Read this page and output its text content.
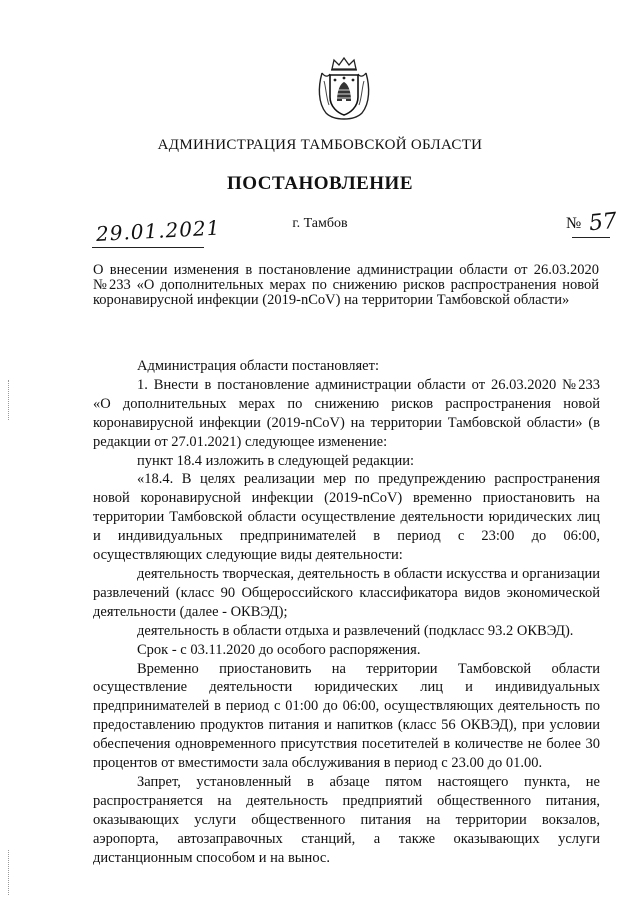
АДМИНИСТРАЦИЯ ТАМБОВСКОЙ ОБЛАСТИ
ПОСТАНОВЛЕНИЕ
29.01.2021	г. Тамбов	№ 57
О внесении изменения в постановление администрации области от 26.03.2020 №233 «О дополнительных мерах по снижению рисков распространения новой коронавирусной инфекции (2019-nCoV) на территории Тамбовской области»

Администрация области постановляет:

1. Внести в постановление администрации области от 26.03.2020 №233 «О дополнительных мерах по снижению рисков распространения новой коронавирусной инфекции (2019-nCoV) на территории Тамбовской области» (в редакции от 27.01.2021) следующее изменение:

пункт 18.4 изложить в следующей редакции:

«18.4. В целях реализации мер по предупреждению распространения новой коронавирусной инфекции (2019-nCoV) временно приостановить на территории Тамбовской области осуществление деятельности юридических лиц и индивидуальных предпринимателей в период с 23:00 до 06:00, осуществляющих следующие виды деятельности:

деятельность творческая, деятельность в области искусства и организации развлечений (класс 90 Общероссийского классификатора видов экономической деятельности (далее - ОКВЭД);

деятельность в области отдыха и развлечений (подкласс 93.2 ОКВЭД).

Срок - с 03.11.2020 до особого распоряжения.

Временно приостановить на территории Тамбовской области осуществление деятельности юридических лиц и индивидуальных предпринимателей в период с 01:00 до 06:00, осуществляющих деятельность по предоставлению продуктов питания и напитков (класс 56 ОКВЭД), при условии обеспечения одновременного присутствия посетителей в количестве не более 30 процентов от вместимости зала обслуживания в период с 23.00 до 01.00.

Запрет, установленный в абзаце пятом настоящего пункта, не распространяется на деятельность предприятий общественного питания, оказывающих услуги общественного питания на территории вокзалов, аэропорта, автозаправочных станций, а также оказывающих услуги дистанционным способом и на вынос.
